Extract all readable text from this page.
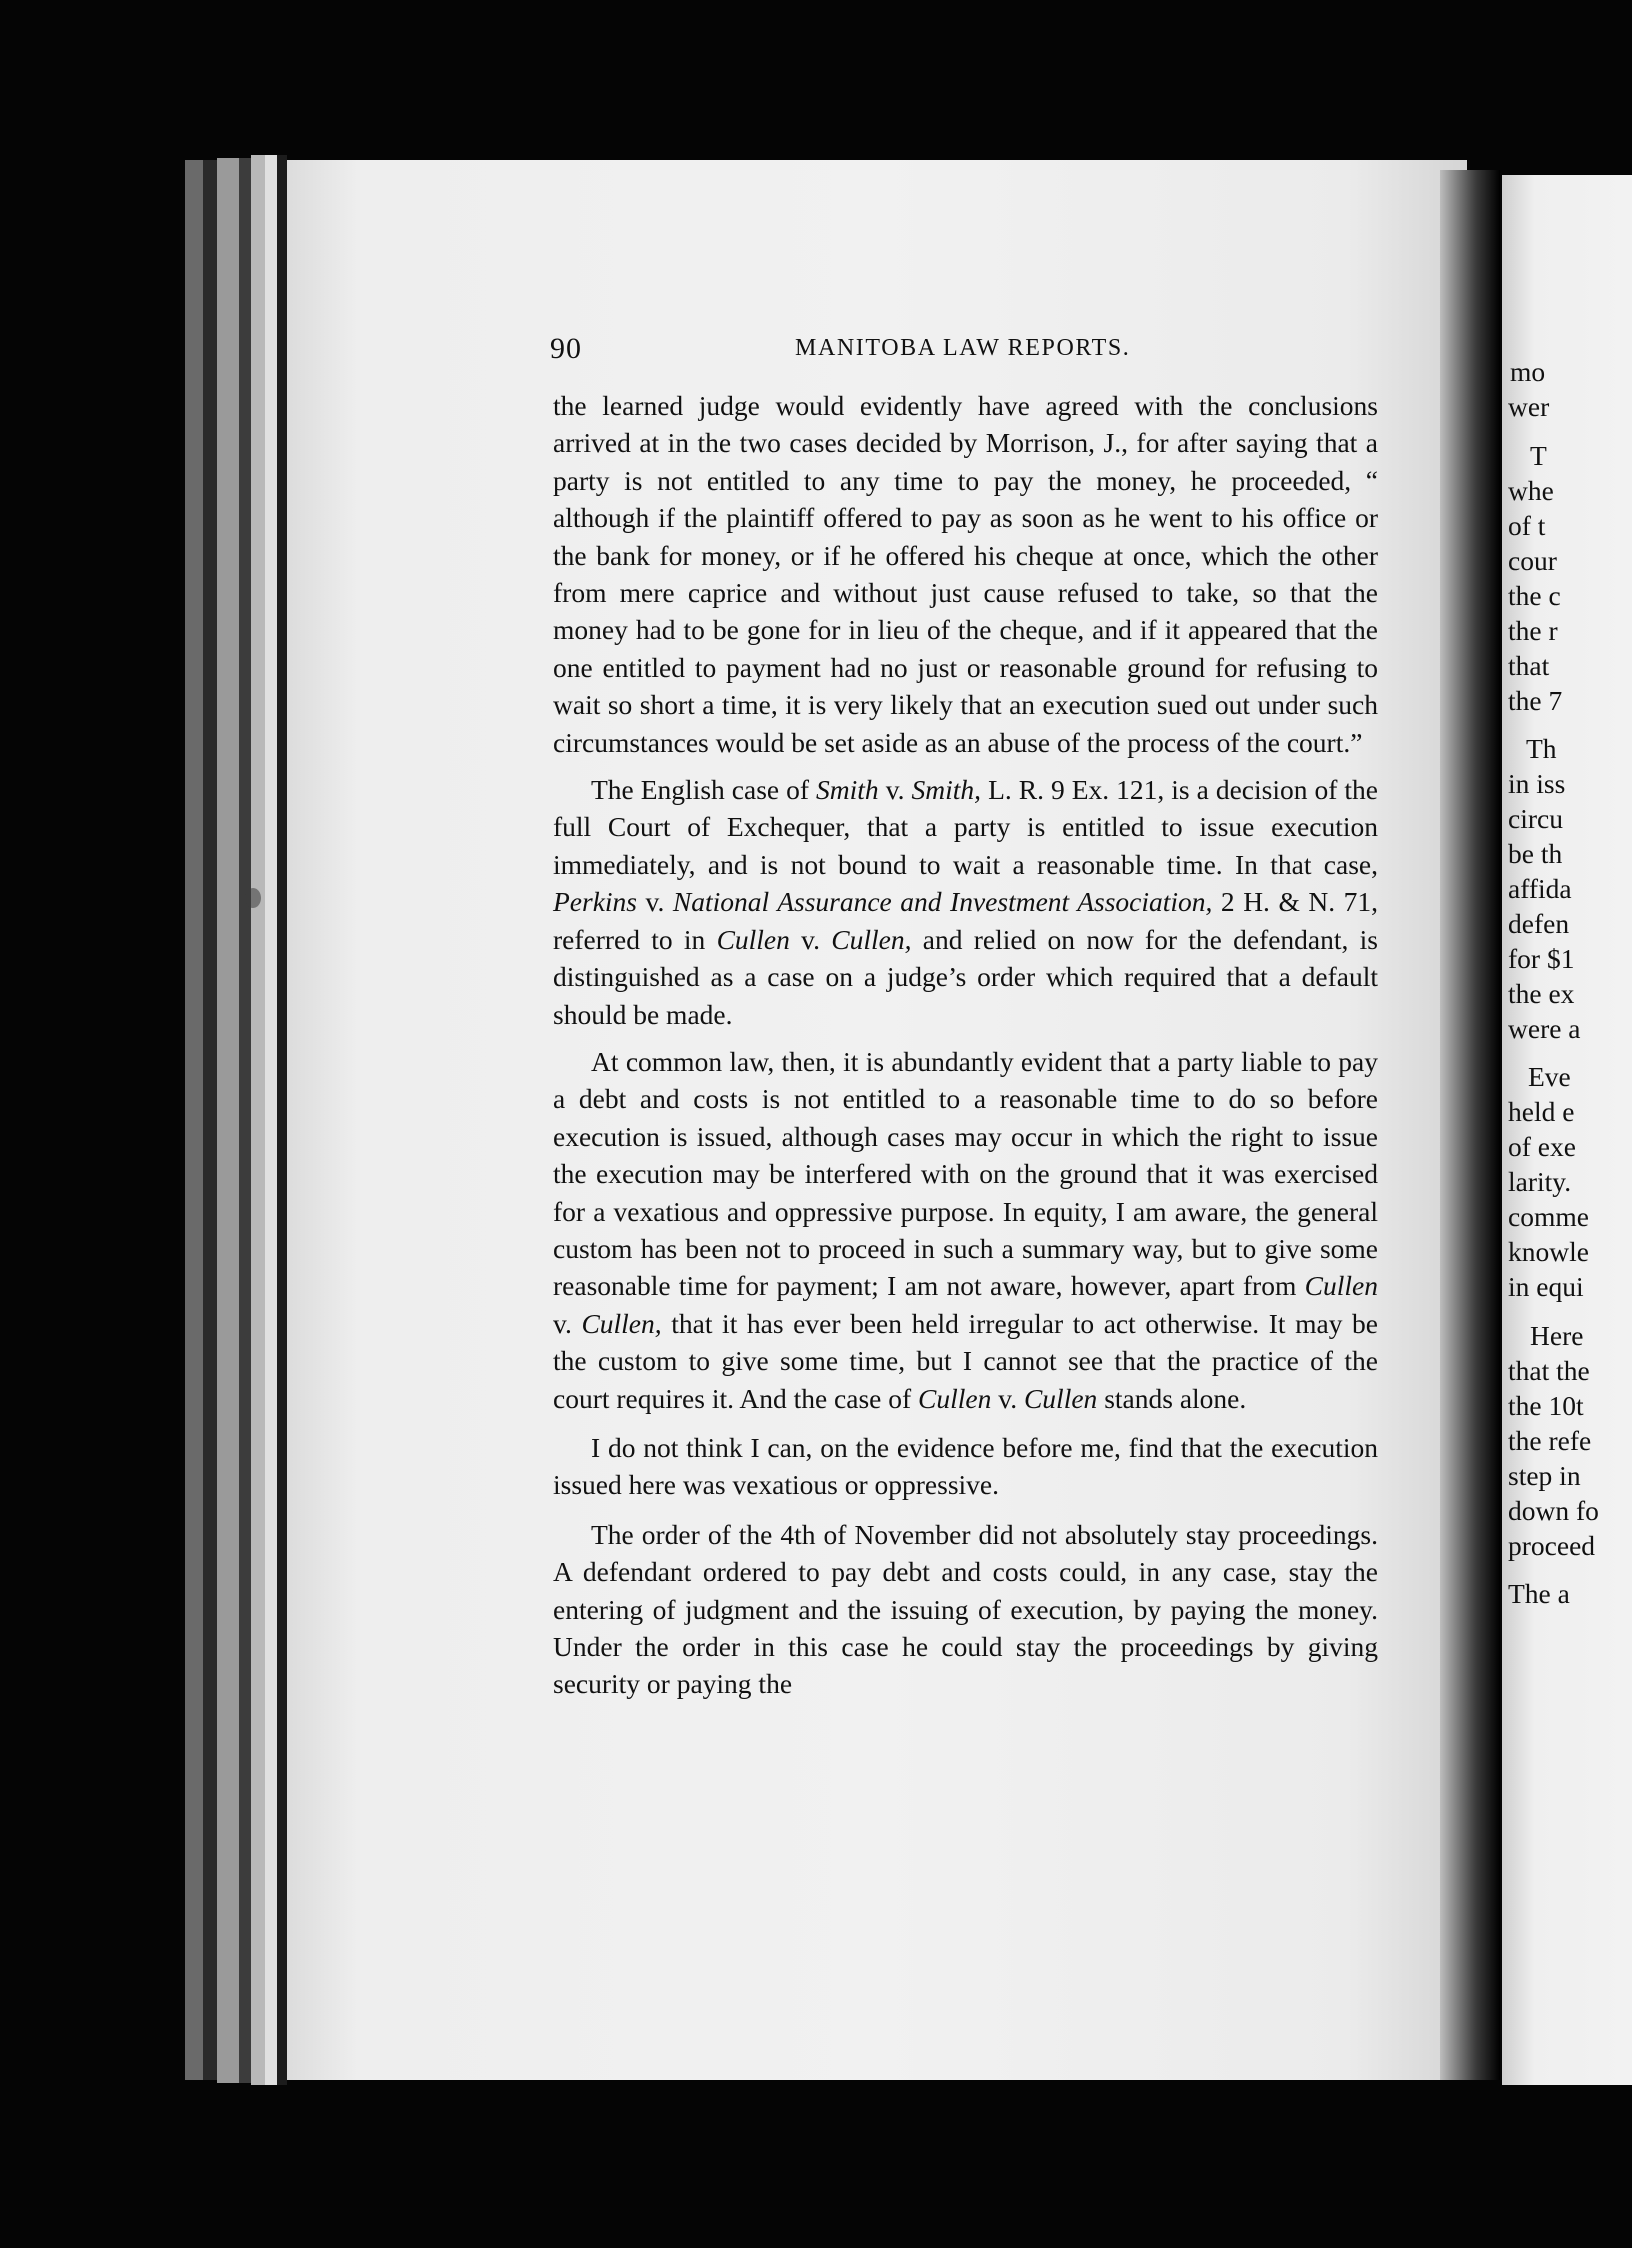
90	MANITOBA LAW REPORTS.

the learned judge would evidently have agreed with the conclusions arrived at in the two cases decided by Morrison, J., for after saying that a party is not entitled to any time to pay the money, he proceeded, “ although if the plaintiff offered to pay as soon as he went to his office or the bank for money, or if he offered his cheque at once, which the other from mere caprice and without just cause refused to take, so that the money had to be gone for in lieu of the cheque, and if it appeared that the one entitled to payment had no just or reasonable ground for refusing to wait so short a time, it is very likely that an execution sued out under such circumstances would be set aside as an abuse of the process of the court.”

The English case of Smith v. Smith, L. R. 9 Ex. 121, is a decision of the full Court of Exchequer, that a party is entitled to issue execution immediately, and is not bound to wait a reasonable time. In that case, Perkins v. National Assurance and Investment Association, 2 H. & N. 71, referred to in Cullen v. Cullen, and relied on now for the defendant, is distinguished as a case on a judge’s order which required that a default should be made.

At common law, then, it is abundantly evident that a party liable to pay a debt and costs is not entitled to a reasonable time to do so before execution is issued, although cases may occur in which the right to issue the execution may be interfered with on the ground that it was exercised for a vexatious and oppressive purpose. In equity, I am aware, the general custom has been not to proceed in such a summary way, but to give some reasonable time for payment; I am not aware, however, apart from Cullen v. Cullen, that it has ever been held irregular to act otherwise. It may be the custom to give some time, but I cannot see that the practice of the court requires it. And the case of Cullen v. Cullen stands alone.

I do not think I can, on the evidence before me, find that the execution issued here was vexatious or oppressive.

The order of the 4th of November did not absolutely stay proceedings. A defendant ordered to pay debt and costs could, in any case, stay the entering of judgment and the issuing of execution, by paying the money. Under the order in this case he could stay the proceedings by giving security or paying the

mo
wer
T
whe
of t
cour
the c
the r
that
the 7
Th
in iss
circu
be th
affida
defen
for $1
the ex
were a
Eve
held e
of exe
larity.
comme
knowle
in equi
Here
that the
the 10t
the refe
step in
down fo
proceed
The a
